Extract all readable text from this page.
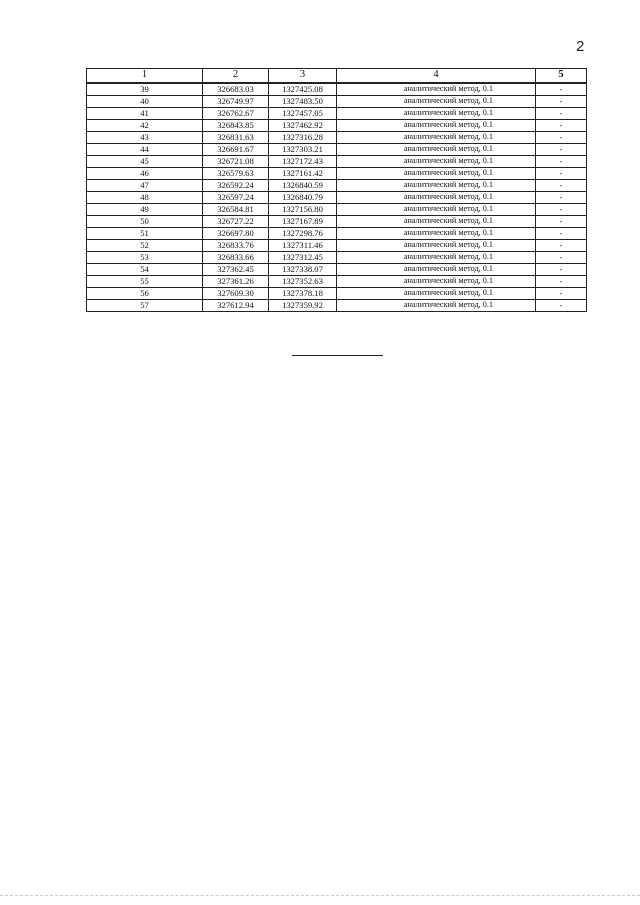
2
1	2	3	4	5
39	326683.03	1327425.08	аналитический метод, 0.1	-
40	326749.97	1327483.50	аналитический метод, 0.1	-
41	326762.67	1327457.05	аналитический метод, 0.1	-
42	326843.85	1327462.92	аналитический метод, 0.1	-
43	326831.63	1327316.28	аналитический метод, 0.1	-
44	326691.67	1327303.21	аналитический метод, 0.1	-
45	326721.08	1327172.43	аналитический метод, 0.1	-
46	326579.63	1327161.42	аналитический метод, 0.1	-
47	326592.24	1326840.59	аналитический метод, 0.1	-
48	326597.24	1326840.79	аналитический метод, 0.1	-
49	326584.81	1327156.80	аналитический метод, 0.1	-
50	326727.22	1327167.89	аналитический метод, 0.1	-
51	326697.80	1327298.76	аналитический метод, 0.1	-
52	326833.76	1327311.46	аналитический метод, 0.1	-
53	326833.66	1327312.45	аналитический метод, 0.1	-
54	327362.45	1327338.07	аналитический метод, 0.1	-
55	327361.26	1327352.63	аналитический метод, 0.1	-
56	327609.30	1327378.18	аналитический метод, 0.1	-
57	327612.94	1327359.92	аналитический метод, 0.1	-
